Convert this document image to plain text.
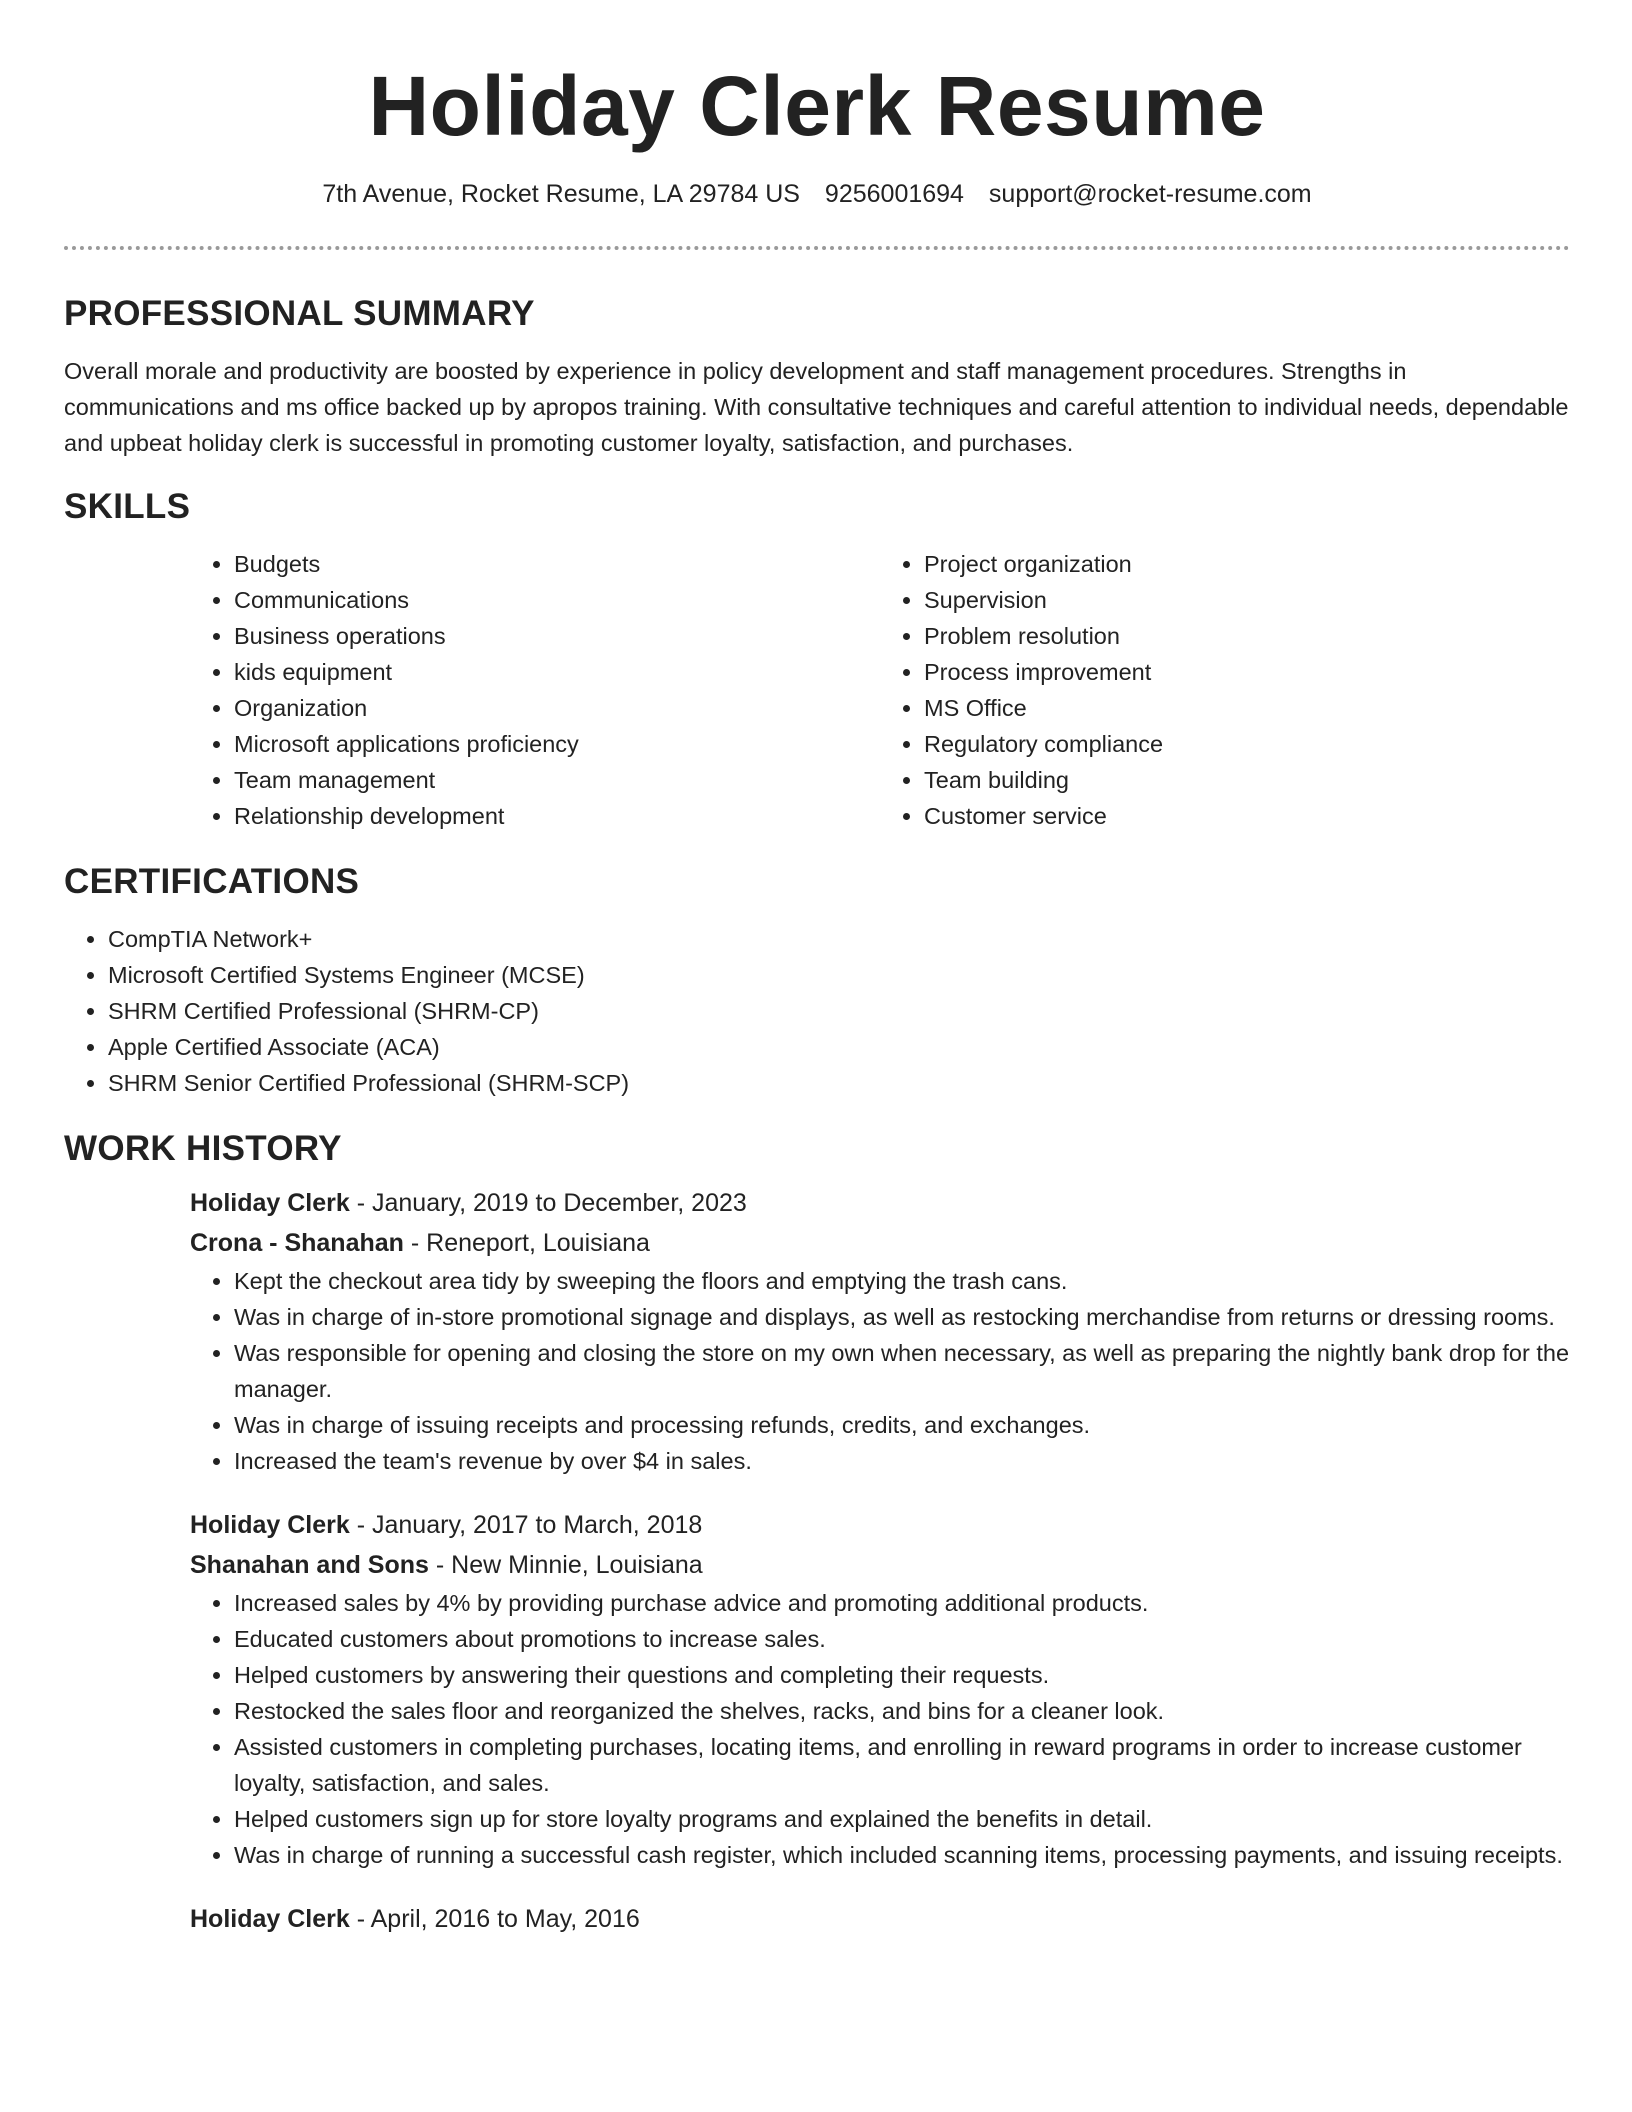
Holiday Clerk Resume
7th Avenue, Rocket Resume, LA 29784 US 9256001694 support@rocket-resume.com
PROFESSIONAL SUMMARY

Overall morale and productivity are boosted by experience in policy development and staff management procedures. Strengths in communications and ms office backed up by apropos training. With consultative techniques and careful attention to individual needs, dependable and upbeat holiday clerk is successful in promoting customer loyalty, satisfaction, and purchases.

SKILLS
• Budgets
• Communications
• Business operations
• kids equipment
• Organization
• Microsoft applications proficiency
• Team management
• Relationship development
• Project organization
• Supervision
• Problem resolution
• Process improvement
• MS Office
• Regulatory compliance
• Team building
• Customer service
CERTIFICATIONS
• CompTIA Network+
• Microsoft Certified Systems Engineer (MCSE)
• SHRM Certified Professional (SHRM-CP)
• Apple Certified Associate (ACA)
• SHRM Senior Certified Professional (SHRM-SCP)
WORK HISTORY
Holiday Clerk - January, 2019 to December, 2023
Crona - Shanahan - Reneport, Louisiana
• Kept the checkout area tidy by sweeping the floors and emptying the trash cans.
• Was in charge of in-store promotional signage and displays, as well as restocking merchandise from returns or dressing rooms.
• Was responsible for opening and closing the store on my own when necessary, as well as preparing the nightly bank drop for the manager.
• Was in charge of issuing receipts and processing refunds, credits, and exchanges.
• Increased the team's revenue by over $4 in sales.
Holiday Clerk - January, 2017 to March, 2018
Shanahan and Sons - New Minnie, Louisiana
• Increased sales by 4% by providing purchase advice and promoting additional products.
• Educated customers about promotions to increase sales.
• Helped customers by answering their questions and completing their requests.
• Restocked the sales floor and reorganized the shelves, racks, and bins for a cleaner look.
• Assisted customers in completing purchases, locating items, and enrolling in reward programs in order to increase customer loyalty, satisfaction, and sales.
• Helped customers sign up for store loyalty programs and explained the benefits in detail.
• Was in charge of running a successful cash register, which included scanning items, processing payments, and issuing receipts.
Holiday Clerk - April, 2016 to May, 2016
